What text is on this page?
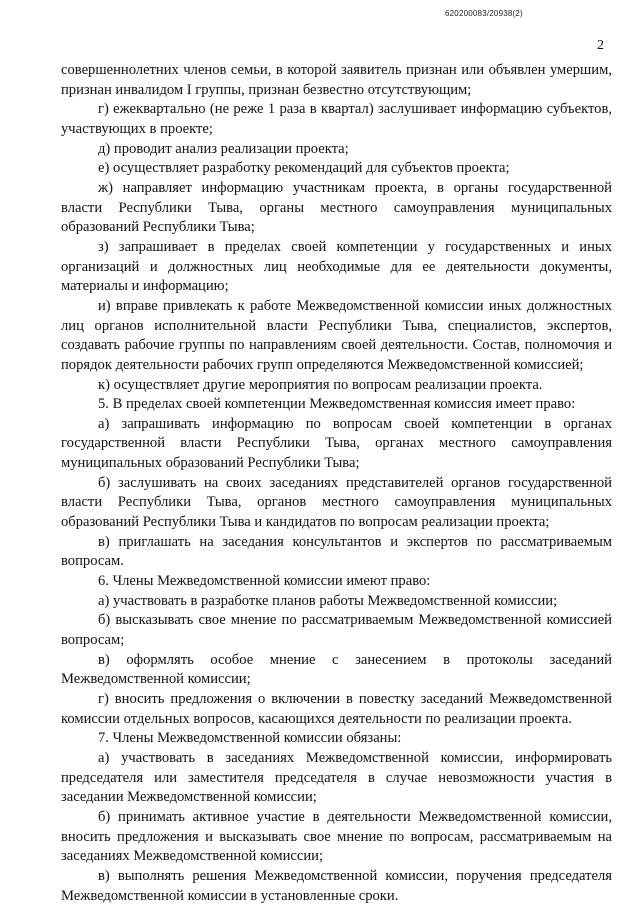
620200083/20938(2)
2

совершеннолетних членов семьи, в которой заявитель признан или объявлен умершим, признан инвалидом I группы, признан безвестно отсутствующим;

г) ежеквартально (не реже 1 раза в квартал) заслушивает информацию субъектов, участвующих в проекте;

д) проводит анализ реализации проекта;

е) осуществляет разработку рекомендаций для субъектов проекта;

ж) направляет информацию участникам проекта, в органы государственной власти Республики Тыва, органы местного самоуправления муниципальных образований Республики Тыва;

з) запрашивает в пределах своей компетенции у государственных и иных организаций и должностных лиц необходимые для ее деятельности документы, материалы и информацию;

и) вправе привлекать к работе Межведомственной комиссии иных должностных лиц органов исполнительной власти Республики Тыва, специалистов, экспертов, создавать рабочие группы по направлениям своей деятельности. Состав, полномочия и порядок деятельности рабочих групп определяются Межведомственной комиссией;

к) осуществляет другие мероприятия по вопросам реализации проекта.

5. В пределах своей компетенции Межведомственная комиссия имеет право:

а) запрашивать информацию по вопросам своей компетенции в органах государственной власти Республики Тыва, органах местного самоуправления муниципальных образований Республики Тыва;

б) заслушивать на своих заседаниях представителей органов государственной власти Республики Тыва, органов местного самоуправления муниципальных образований Республики Тыва и кандидатов по вопросам реализации проекта;

в) приглашать на заседания консультантов и экспертов по рассматриваемым вопросам.

6. Члены Межведомственной комиссии имеют право:

а) участвовать в разработке планов работы Межведомственной комиссии;

б) высказывать свое мнение по рассматриваемым Межведомственной комиссией вопросам;

в) оформлять особое мнение с занесением в протоколы заседаний Межведомственной комиссии;

г) вносить предложения о включении в повестку заседаний Межведомственной комиссии отдельных вопросов, касающихся деятельности по реализации проекта.

7. Члены Межведомственной комиссии обязаны:

а) участвовать в заседаниях Межведомственной комиссии, информировать председателя или заместителя председателя в случае невозможности участия в заседании Межведомственной комиссии;

б) принимать активное участие в деятельности Межведомственной комиссии, вносить предложения и высказывать свое мнение по вопросам, рассматриваемым на заседаниях Межведомственной комиссии;

в) выполнять решения Межведомственной комиссии, поручения председателя Межведомственной комиссии в установленные сроки.
